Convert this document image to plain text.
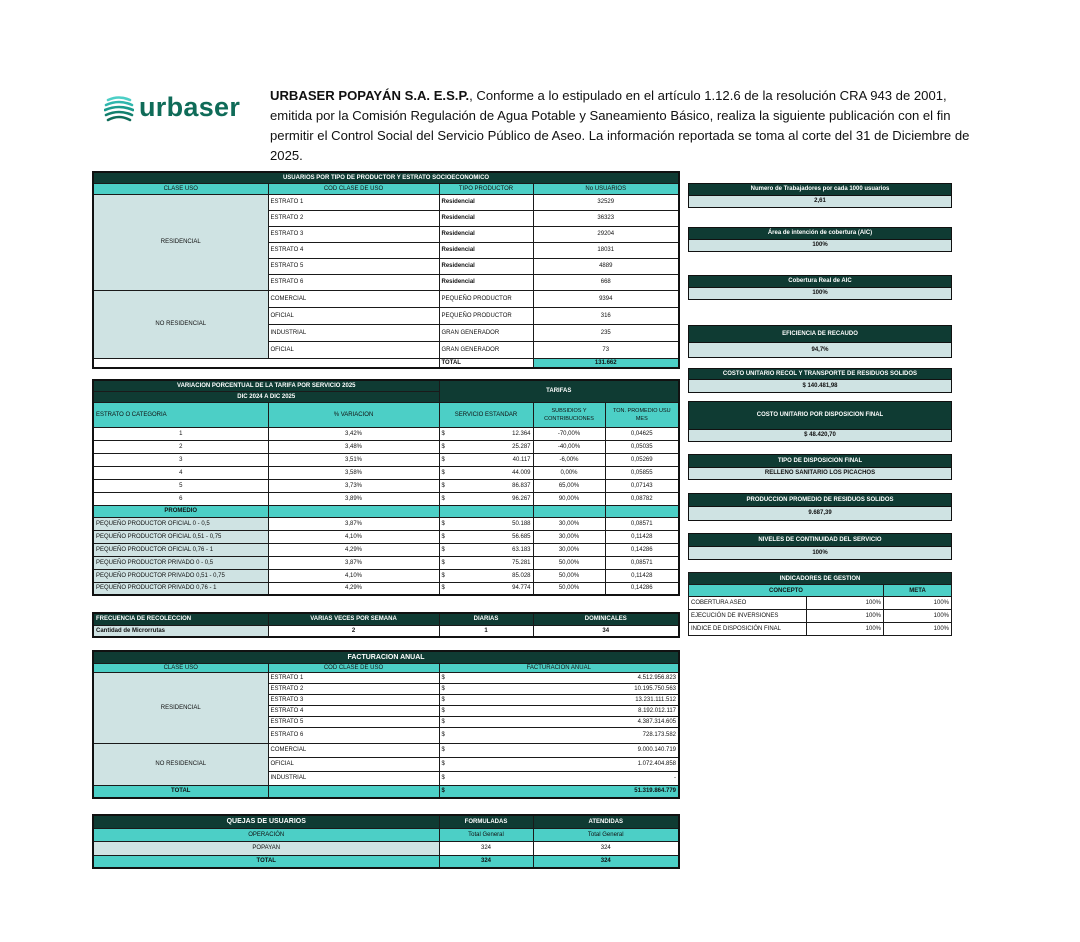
urbaser URBASER POPAYÁN S.A. E.S.P., Conforme a lo estipulado en el artículo 1.12.6 de la resolución CRA 943 de 2001, emitida por la Comisión Regulación de Agua Potable y Saneamiento Básico, realiza la siguiente publicación con el fin permitir el Control Social del Servicio Público de Aseo. La información reportada se toma al corte del 31 de Diciembre de 2025.
USUARIOS POR TIPO DE PRODUCTOR Y ESTRATO SOCIOECONOMICO			
CLASE USO	COD CLASE DE USO	TIPO PRODUCTOR	No USUARIOS
RESIDENCIAL	ESTRATO 1	Residencial	32529
	ESTRATO 2	Residencial	36323
	ESTRATO 3	Residencial	29204
	ESTRATO 4	Residencial	18031
	ESTRATO 5	Residencial	4889
	ESTRATO 6	Residencial	668
NO RESIDENCIAL	COMERCIAL	PEQUEÑO PRODUCTOR	9394
	OFICIAL	PEQUEÑO PRODUCTOR	316
	INDUSTRIAL	GRAN GENERADOR	235
	OFICIAL	GRAN GENERADOR	73
		TOTAL	131.662
VARIACION PORCENTUAL DE LA TARIFA POR SERVICIO 2025		TARIFAS		
DIC 2024 A DIC 2025				
ESTRATO O CATEGORIA	% VARIACION	SERVICIO ESTANDAR	SUBSIDIOS Y CONTRIBUCIONES	TON. PROMEDIO USU MES
1	3,42%	$ 12.364	-70,00%	0,04625
2	3,48%	$ 25.287	-40,00%	0,05035
3	3,51%	$ 40.117	-6,00%	0,05269
4	3,58%	$ 44.009	0,00%	0,05855
5	3,73%	$ 86.837	65,00%	0,07143
6	3,89%	$ 96.267	90,00%	0,08782
PROMEDIO				
PEQUEÑO PRODUCTOR OFICIAL 0 - 0,5	3,87%	$ 50.188	30,00%	0,08571
PEQUEÑO PRODUCTOR OFICIAL 0,51 - 0,75	4,10%	$ 56.685	30,00%	0,11428
PEQUEÑO PRODUCTOR OFICIAL 0,76 - 1	4,29%	$ 63.183	30,00%	0,14286
PEQUEÑO PRODUCTOR PRIVADO 0 - 0,5	3,87%	$ 75.281	50,00%	0,08571
PEQUEÑO PRODUCTOR PRIVADO 0,51 - 0,75	4,10%	$ 85.028	50,00%	0,11428
PEQUEÑO PRODUCTOR PRIVADO 0,76 - 1	4,29%	$ 94.774	50,00%	0,14286
FRECUENCIA DE RECOLECCION	VARIAS VECES POR SEMANA	DIARIAS	DOMINICALES
Cantidad de Microrrutas	2	1	34
FACTURACION ANUAL		
CLASE USO	COD CLASE DE USO	FACTURACION ANUAL
RESIDENCIAL	ESTRATO 1	$ 4.512.956.823
	ESTRATO 2	$ 10.195.750.563
	ESTRATO 3	$ 13.231.111.512
	ESTRATO 4	$ 8.192.012.117
	ESTRATO 5	$ 4.387.314.605
	ESTRATO 6	$ 728.173.582
NO RESIDENCIAL	COMERCIAL	$ 9.000.140.719
	OFICIAL	$ 1.072.404.858
	INDUSTRIAL	$ -
TOTAL		$ 51.319.864.779
QUEJAS DE USUARIOS	FORMULADAS	ATENDIDAS
OPERACIÓN	Total General	Total General
POPAYAN	324	324
TOTAL	324	324
Numero de Trabajadores por cada 1000 usuarios
2,61
Área de intención de cobertura (AIC)
100%
Cobertura Real de AIC
100%
EFICIENCIA DE RECAUDO
94,7%
COSTO UNITARIO RECOL Y TRANSPORTE DE RESIDUOS SOLIDOS
$ 140.481,98
COSTO UNITARIO POR DISPOSICION FINAL
$ 48.420,70
TIPO DE DISPOSICION FINAL
RELLENO SANITARIO LOS PICACHOS
PRODUCCION PROMEDIO DE RESIDUOS SOLIDOS
9.687,39
NIVELES DE CONTINUIDAD DEL SERVICIO
100%
INDICADORES DE GESTION		
CONCEPTO		META
COBERTURA ASEO	100%	100%
EJECUCIÓN DE INVERSIONES	100%	100%
INDICE DE DISPOSICIÓN FINAL	100%	100%
